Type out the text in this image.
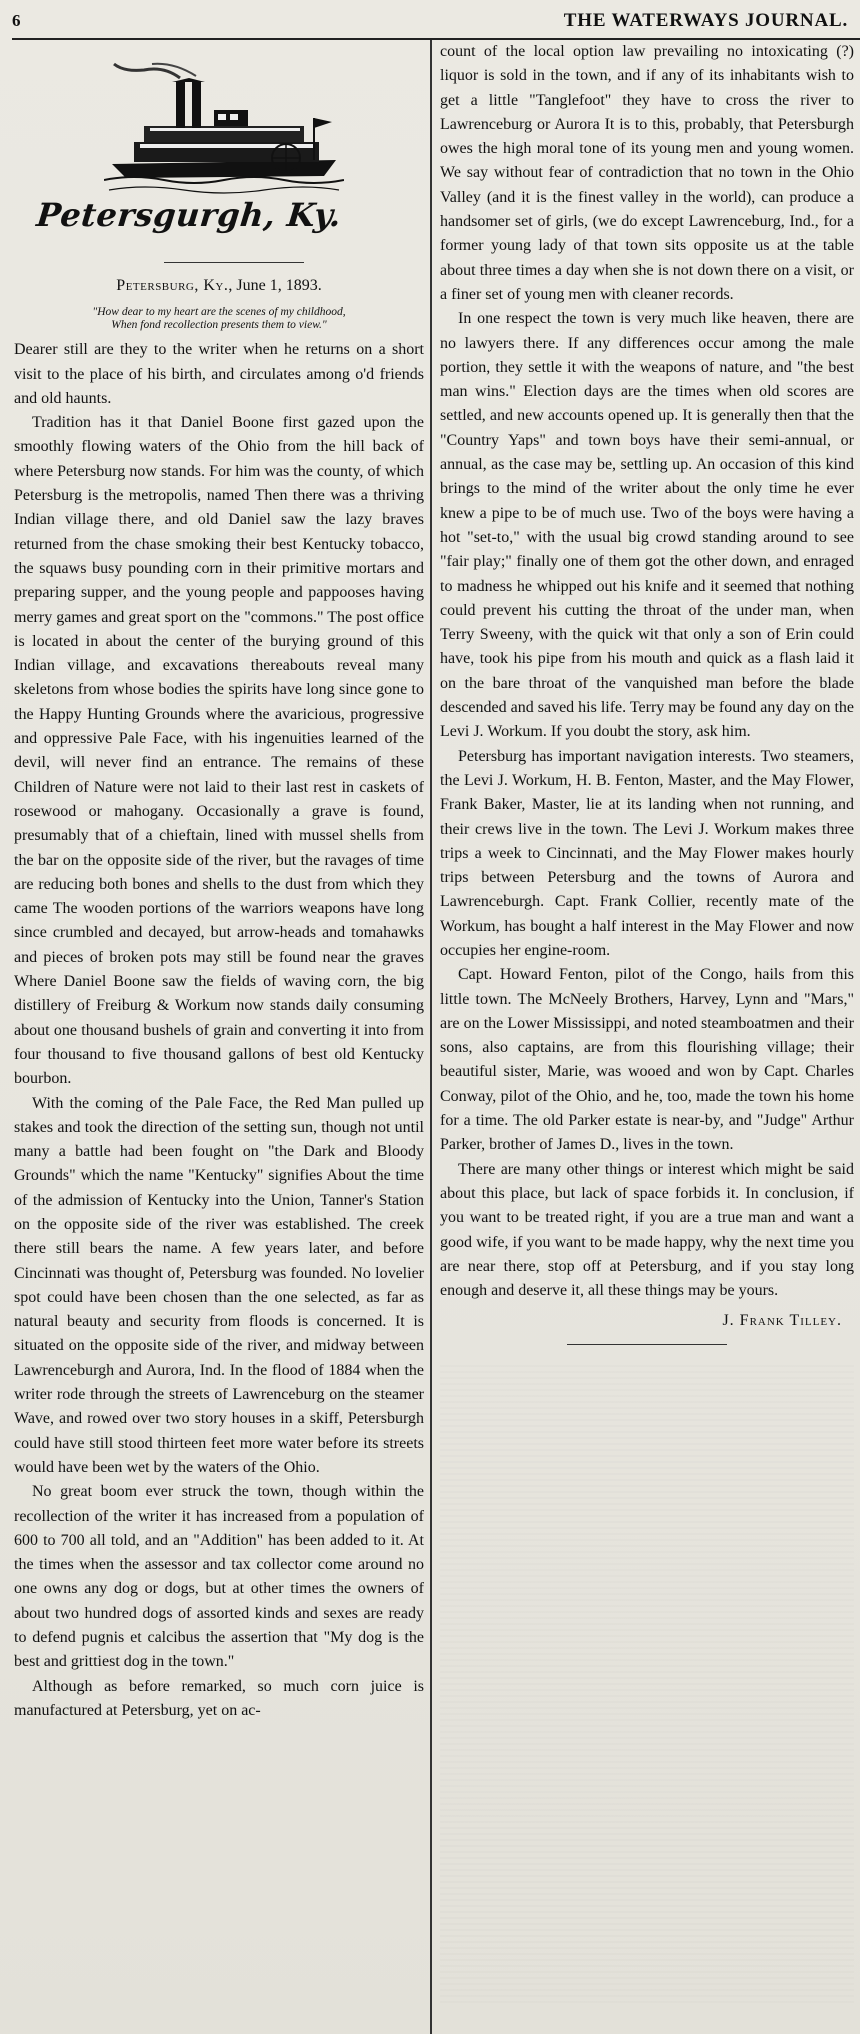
6	THE WATERWAYS JOURNAL.
Petersgurgh, Ky.

Petersburg, Ky., June 1, 1893.

"How dear to my heart are the scenes of my childhood,
When fond recollection presents them to view."

Dearer still are they to the writer when he returns on a short visit to the place of his birth, and circulates among o'd friends and old haunts.

Tradition has it that Daniel Boone first gazed upon the smoothly flowing waters of the Ohio from the hill back of where Petersburg now stands. For him was the county, of which Petersburg is the metropolis, named Then there was a thriving Indian village there, and old Daniel saw the lazy braves returned from the chase smoking their best Kentucky tobacco, the squaws busy pounding corn in their primitive mortars and preparing supper, and the young people and pappooses having merry games and great sport on the "commons." The post office is located in about the center of the burying ground of this Indian village, and excavations thereabouts reveal many skeletons from whose bodies the spirits have long since gone to the Happy Hunting Grounds where the avaricious, progressive and oppressive Pale Face, with his ingenuities learned of the devil, will never find an entrance. The remains of these Children of Nature were not laid to their last rest in caskets of rosewood or mahogany. Occasionally a grave is found, presumably that of a chieftain, lined with mussel shells from the bar on the opposite side of the river, but the ravages of time are reducing both bones and shells to the dust from which they came The wooden portions of the warriors weapons have long since crumbled and decayed, but arrow-heads and tomahawks and pieces of broken pots may still be found near the graves Where Daniel Boone saw the fields of waving corn, the big distillery of Freiburg & Workum now stands daily consuming about one thousand bushels of grain and converting it into from four thousand to five thousand gallons of best old Kentucky bourbon.

With the coming of the Pale Face, the Red Man pulled up stakes and took the direction of the setting sun, though not until many a battle had been fought on "the Dark and Bloody Grounds" which the name "Kentucky" signifies About the time of the admission of Kentucky into the Union, Tanner's Station on the opposite side of the river was established. The creek there still bears the name. A few years later, and before Cincinnati was thought of, Petersburg was founded. No lovelier spot could have been chosen than the one selected, as far as natural beauty and security from floods is concerned. It is situated on the opposite side of the river, and midway between Lawrenceburgh and Aurora, Ind. In the flood of 1884 when the writer rode through the streets of Lawrenceburg on the steamer Wave, and rowed over two story houses in a skiff, Petersburgh could have still stood thirteen feet more water before its streets would have been wet by the waters of the Ohio.

No great boom ever struck the town, though within the recollection of the writer it has increased from a population of 600 to 700 all told, and an "Addition" has been added to it. At the times when the assessor and tax collector come around no one owns any dog or dogs, but at other times the owners of about two hundred dogs of assorted kinds and sexes are ready to defend pugnis et calcibus the assertion that "My dog is the best and grittiest dog in the town."

Although as before remarked, so much corn juice is manufactured at Petersburg, yet on ac-

count of the local option law prevailing no intoxicating (?) liquor is sold in the town, and if any of its inhabitants wish to get a little "Tanglefoot" they have to cross the river to Lawrenceburg or Aurora It is to this, probably, that Petersburgh owes the high moral tone of its young men and young women. We say without fear of contradiction that no town in the Ohio Valley (and it is the finest valley in the world), can produce a handsomer set of girls, (we do except Lawrenceburg, Ind., for a former young lady of that town sits opposite us at the table about three times a day when she is not down there on a visit, or a finer set of young men with cleaner records.

In one respect the town is very much like heaven, there are no lawyers there. If any differences occur among the male portion, they settle it with the weapons of nature, and "the best man wins." Election days are the times when old scores are settled, and new accounts opened up. It is generally then that the "Country Yaps" and town boys have their semi-annual, or annual, as the case may be, settling up. An occasion of this kind brings to the mind of the writer about the only time he ever knew a pipe to be of much use. Two of the boys were having a hot "set-to," with the usual big crowd standing around to see "fair play;" finally one of them got the other down, and enraged to madness he whipped out his knife and it seemed that nothing could prevent his cutting the throat of the under man, when Terry Sweeny, with the quick wit that only a son of Erin could have, took his pipe from his mouth and quick as a flash laid it on the bare throat of the vanquished man before the blade descended and saved his life. Terry may be found any day on the Levi J. Workum. If you doubt the story, ask him.

Petersburg has important navigation interests. Two steamers, the Levi J. Workum, H. B. Fenton, Master, and the May Flower, Frank Baker, Master, lie at its landing when not running, and their crews live in the town. The Levi J. Workum makes three trips a week to Cincinnati, and the May Flower makes hourly trips between Petersburg and the towns of Aurora and Lawrenceburgh. Capt. Frank Collier, recently mate of the Workum, has bought a half interest in the May Flower and now occupies her engine-room.

Capt. Howard Fenton, pilot of the Congo, hails from this little town. The McNeely Brothers, Harvey, Lynn and "Mars," are on the Lower Mississippi, and noted steamboatmen and their sons, also captains, are from this flourishing village; their beautiful sister, Marie, was wooed and won by Capt. Charles Conway, pilot of the Ohio, and he, too, made the town his home for a time. The old Parker estate is near-by, and "Judge" Arthur Parker, brother of James D., lives in the town.

There are many other things or interest which might be said about this place, but lack of space forbids it. In conclusion, if you want to be treated right, if you are a true man and want a good wife, if you want to be made happy, why the next time you are near there, stop off at Petersburg, and if you stay long enough and deserve it, all these things may be yours.

J. Frank Tilley.
